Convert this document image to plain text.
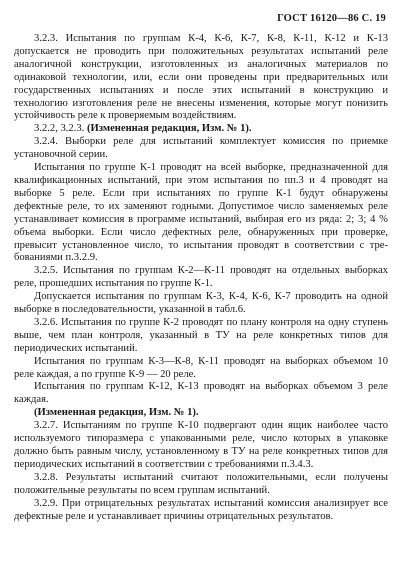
ГОСТ 16120—86 С. 19

3.2.3. Испытания по группам К-4, К-6, К-7, К-8, К-11, К-12 и К-13 допускается не проводить при положительных результатах испытаний реле аналогичной конструкции, изготовленных из аналогичных материалов по одинаковой технологии, или, если они проведены при предварительных или государственных испытаниях и после этих испытаний в конструкцию и технологию изготовления реле не внесены изменения, которые могут понизить устойчивость реле к проверяемым воздействиям.

3.2.2, 3.2.3. (Измененная редакция, Изм. № 1).

3.2.4. Выборки реле для испытаний комплектует комиссия по приемке установочной серии.

Испытания по группе К-1 проводят на всей выборке, предназначенной для квалификационных испытаний, при этом испытания по пп.3 и 4 проводят на выборке 5 реле. Если при испытаниях по группе К-1 будут обнаружены дефектные реле, то их заменяют годными. Допустимое число заменяемых реле устанавливает комиссия в программе испытаний, выбирая его из ряда: 2; 3; 4 % объема выборки. Если число дефектных реле, обнаруженных при проверке, превысит установленное число, то испытания проводят в соответствии с требованиями п.3.2.9.

3.2.5. Испытания по группам К-2—К-11 проводят на отдельных выборках реле, прошедших испытания по группе К-1.

Допускается испытания по группам К-3, К-4, К-6, К-7 проводить на одной выборке в последовательности, указанной в табл.6.

3.2.6. Испытания по группе К-2 проводят по плану контроля на одну ступень выше, чем план контроля, указанный в ТУ на реле конкретных типов для периодических испытаний.

Испытания по группам К-3—К-8, К-11 проводят на выборках объемом 10 реле каждая, а по группе К-9 — 20 реле.

Испытания по группам К-12, К-13 проводят на выборках объемом 3 реле каждая.

(Измененная редакция, Изм. № 1).

3.2.7. Испытаниям по группе К-10 подвергают один ящик наиболее часто используемого типоразмера с упакованными реле, число которых в упаковке должно быть равным числу, установленному в ТУ на реле конкретных типов для периодических испытаний в соответствии с требованиями п.3.4.3.

3.2.8. Результаты испытаний считают положительными, если получены положительные результаты по всем группам испытаний.

3.2.9. При отрицательных результатах испытаний комиссия анализирует все дефектные реле и устанавливает причины отрицательных результатов.
